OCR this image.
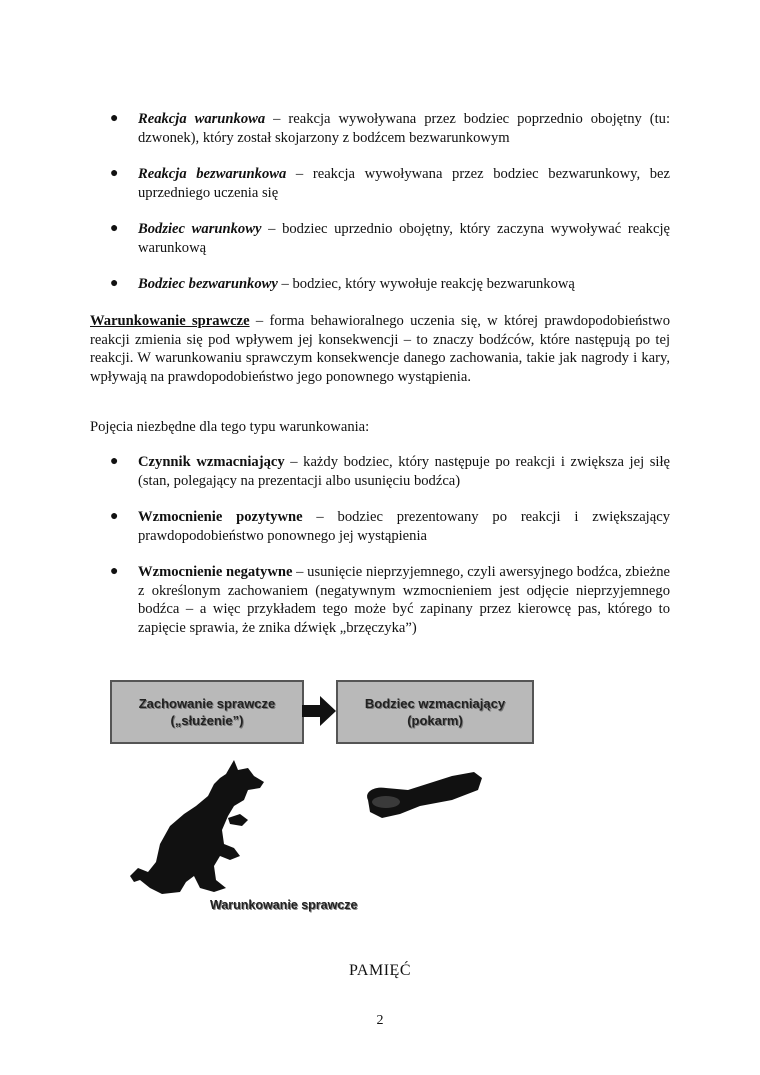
● Reakcja warunkowa – reakcja wywoływana przez bodziec poprzednio obojętny (tu: dzwonek), który został skojarzony z bodźcem bezwarunkowym
● Reakcja bezwarunkowa – reakcja wywoływana przez bodziec bezwarunkowy, bez uprzedniego uczenia się
● Bodziec warunkowy – bodziec uprzednio obojętny, który zaczyna wywoływać reakcję warunkową
● Bodziec bezwarunkowy – bodziec, który wywołuje reakcję bezwarunkową

Warunkowanie sprawcze – forma behawioralnego uczenia się, w której prawdopodobieństwo reakcji zmienia się pod wpływem jej konsekwencji – to znaczy bodźców, które następują po tej reakcji. W warunkowaniu sprawczym konsekwencje danego zachowania, takie jak nagrody i kary, wpływają na prawdopodobieństwo jego ponownego wystąpienia.

Pojęcia niezbędne dla tego typu warunkowania:

● Czynnik wzmacniający – każdy bodziec, który następuje po reakcji i zwiększa jej siłę (stan, polegający na prezentacji albo usunięciu bodźca)
● Wzmocnienie pozytywne – bodziec prezentowany po reakcji i zwiększający prawdopodobieństwo ponownego jej wystąpienia
● Wzmocnienie negatywne – usunięcie nieprzyjemnego, czyli awersyjnego bodźca, zbieżne z określonym zachowaniem (negatywnym wzmocnieniem jest odjęcie nieprzyjemnego bodźca – a więc przykładem tego może być zapinany przez kierowcę pas, którego to zapięcie sprawia, że znika dźwięk „brzęczyka”)
Zachowanie sprawcze
(„służenie”)
Bodziec wzmacniający
(pokarm)
Warunkowanie sprawcze
PAMIĘĆ
2
